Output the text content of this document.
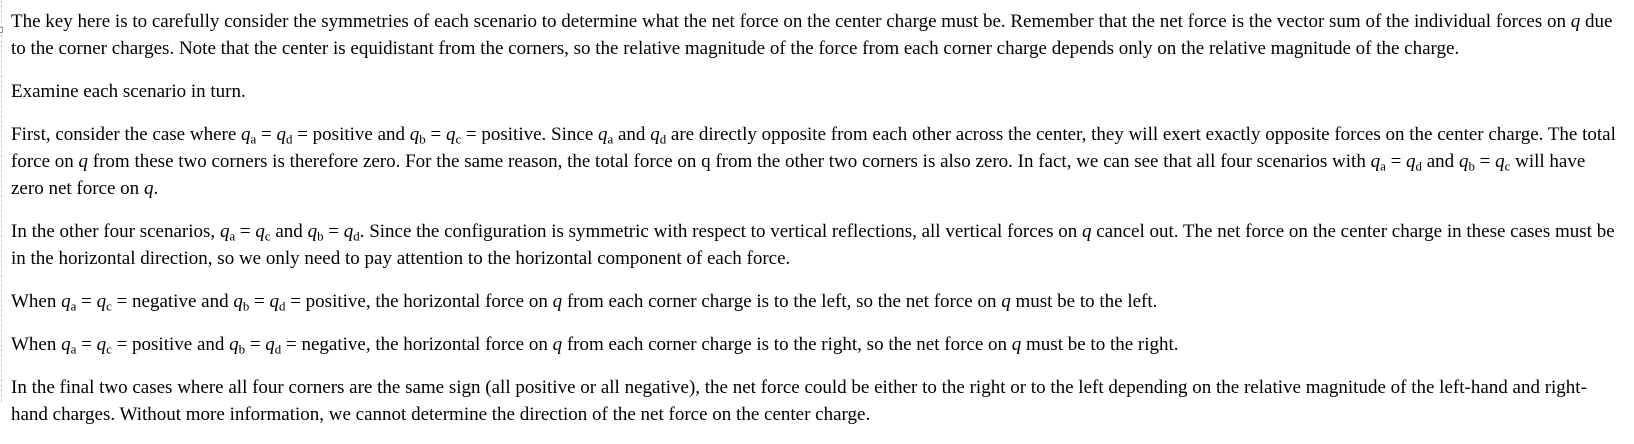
The key here is to carefully consider the symmetries of each scenario to determine what the net force on the center charge must be. Remember that the net force is the vector sum of the individual forces on q due to the corner charges. Note that the center is equidistant from the corners, so the relative magnitude of the force from each corner charge depends only on the relative magnitude of the charge.

Examine each scenario in turn.

First, consider the case where $q_a = q_d$ = positive and $q_b = q_c$ = positive. Since $q_a$ and $q_d$ are directly opposite from each other across the center, they will exert exactly opposite forces on the center charge. The total force on q from these two corners is therefore zero. For the same reason, the total force on q from the other two corners is also zero. In fact, we can see that all four scenarios with $q_a = q_d$ and $q_b = q_c$ will have zero net force on q.

In the other four scenarios, $q_a = q_c$ and $q_b = q_d$. Since the configuration is symmetric with respect to vertical reflections, all vertical forces on q cancel out. The net force on the center charge in these cases must be in the horizontal direction, so we only need to pay attention to the horizontal component of each force.

When $q_a = q_c$ = negative and $q_b = q_d$ = positive, the horizontal force on q from each corner charge is to the left, so the net force on q must be to the left.

When $q_a = q_c$ = positive and $q_b = q_d$ = negative, the horizontal force on q from each corner charge is to the right, so the net force on q must be to the right.

In the final two cases where all four corners are the same sign (all positive or all negative), the net force could be either to the right or to the left depending on the relative magnitude of the left-hand and right-hand charges. Without more information, we cannot determine the direction of the net force on the center charge.
